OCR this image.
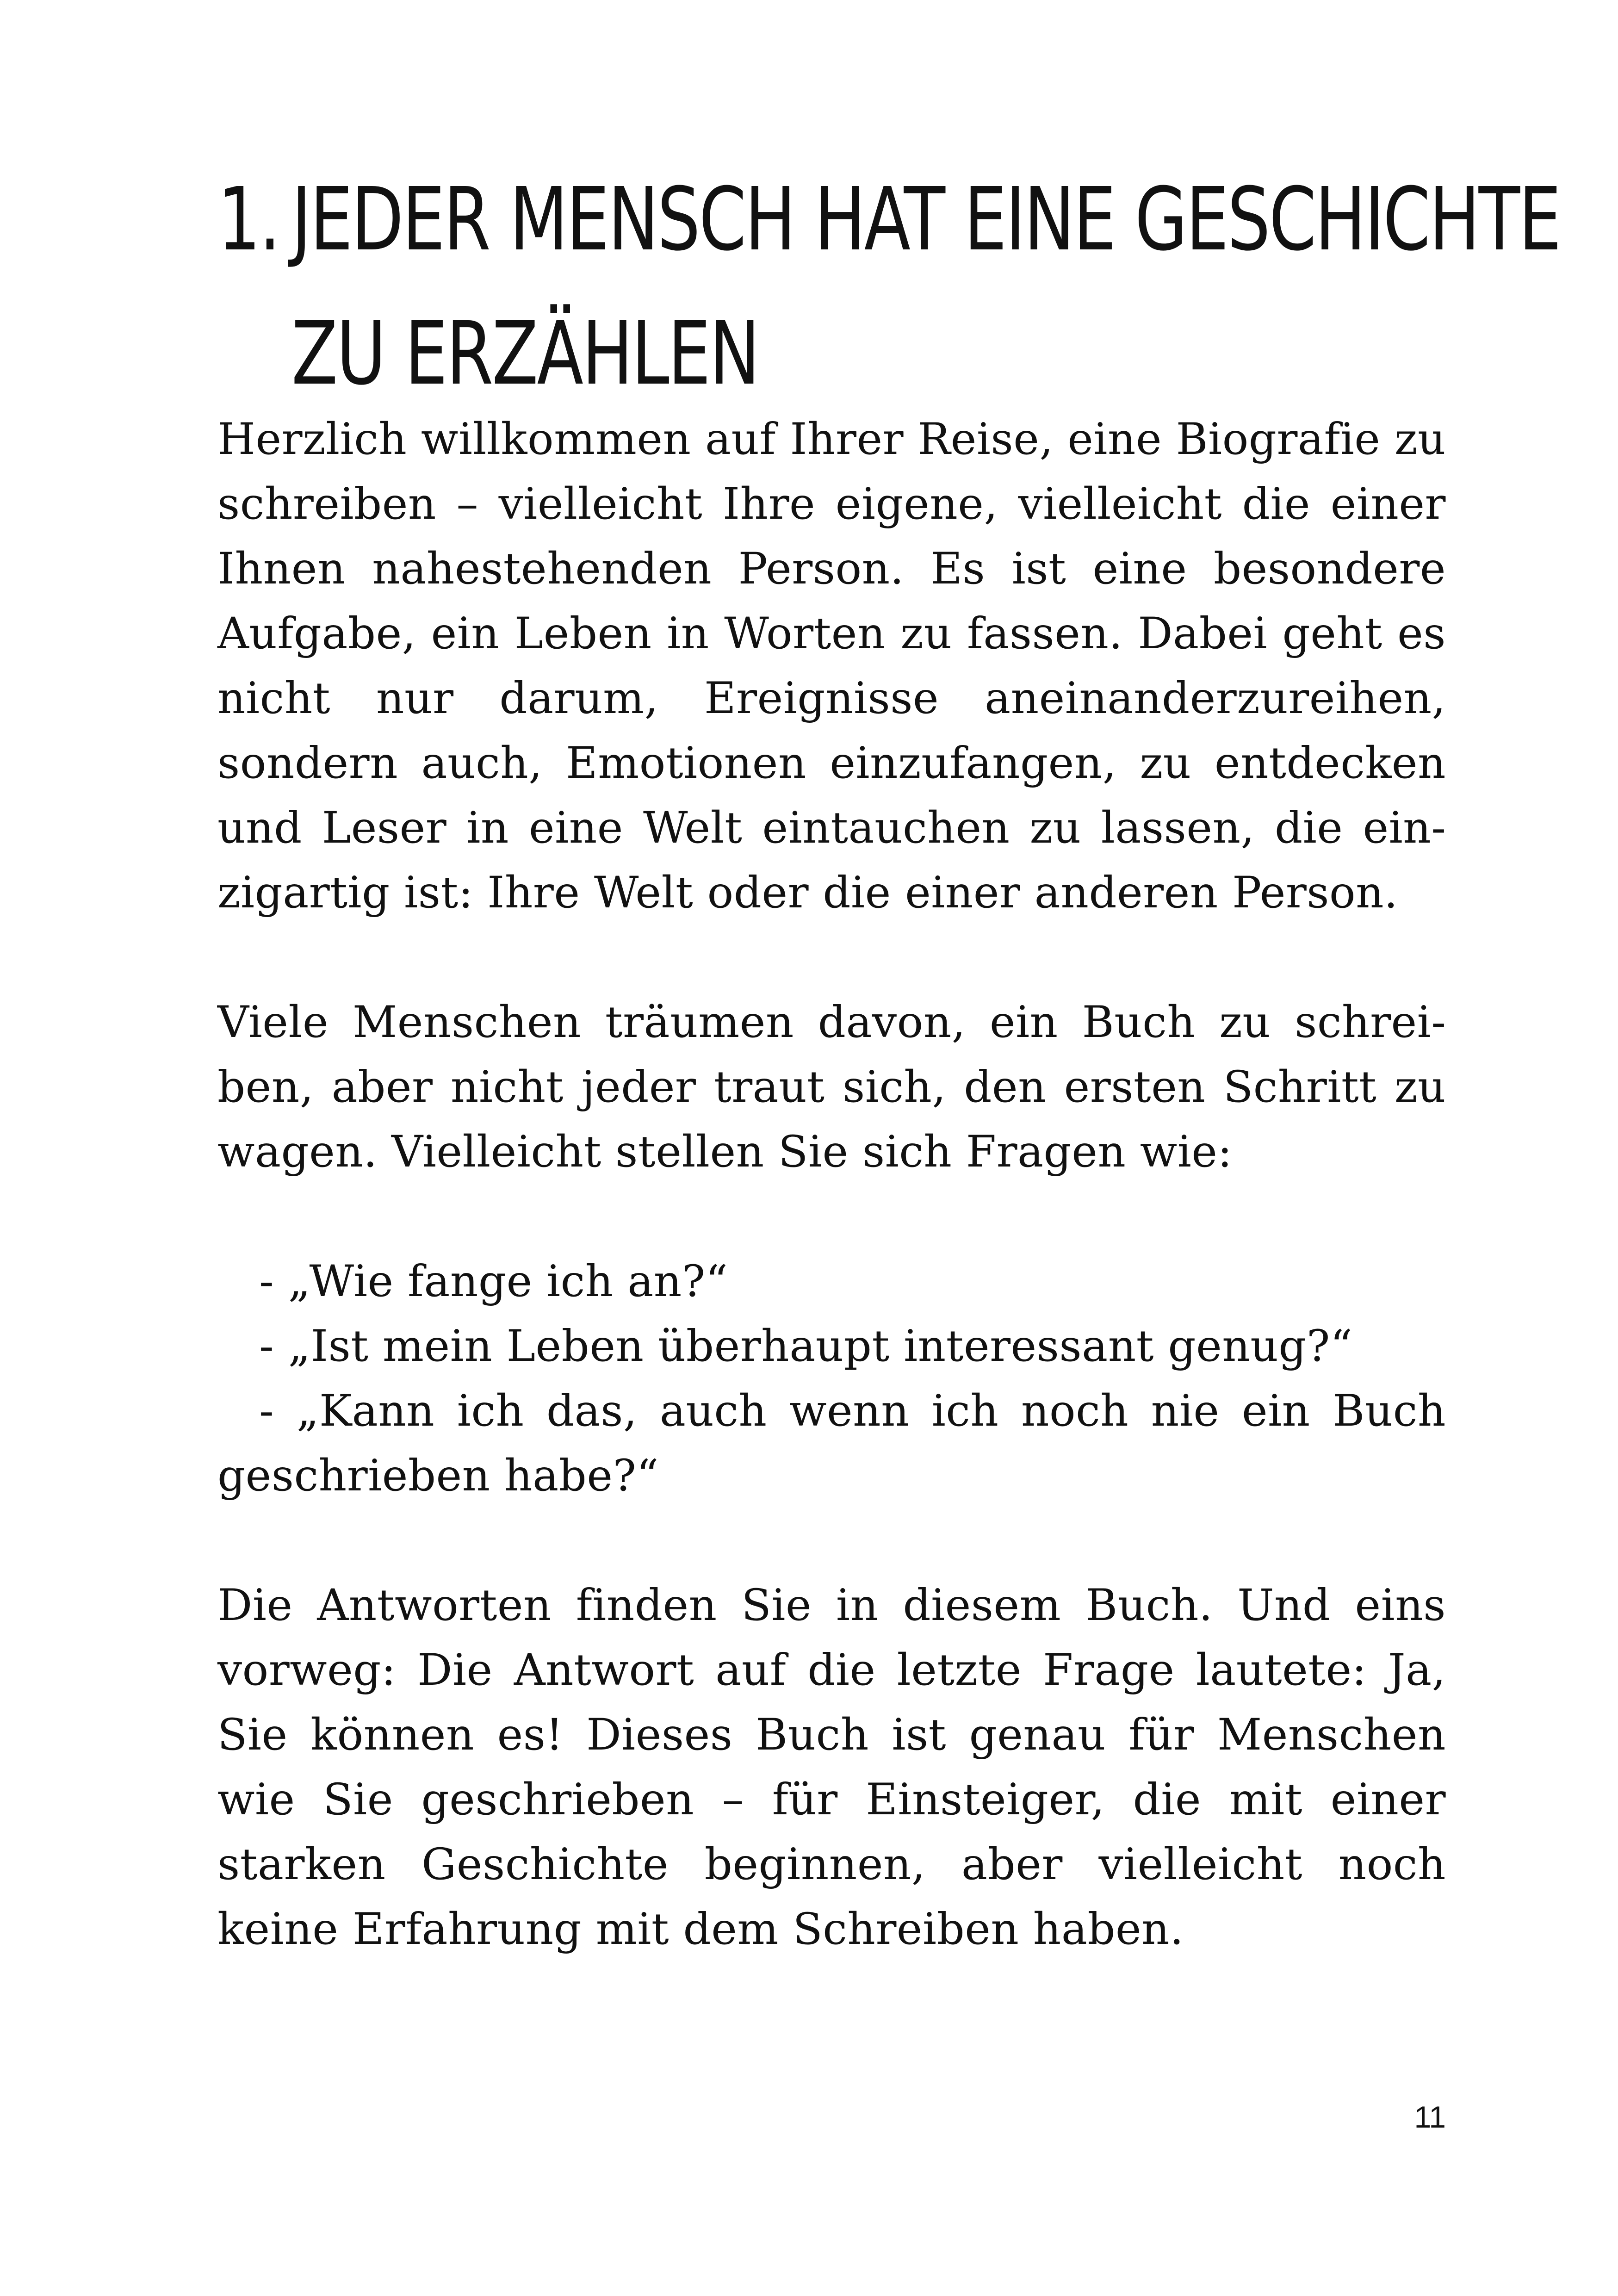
1. JEDER MENSCH HAT EINE GESCHICHTE
ZU ERZÄHLEN

Herzlich willkommen auf Ihrer Reise, eine Biografie zu schreiben – vielleicht Ihre eigene, vielleicht die einer Ihnen nahestehenden Person. Es ist eine besondere Aufgabe, ein Leben in Worten zu fassen. Dabei geht es nicht nur darum, Ereignisse aneinanderzureihen, sondern auch, Emotionen einzufangen, zu entdecken und Leser in eine Welt eintauchen zu lassen, die einzigartig ist: Ihre Welt oder die einer anderen Person.

Viele Menschen träumen davon, ein Buch zu schreiben, aber nicht jeder traut sich, den ersten Schritt zu wagen. Vielleicht stellen Sie sich Fragen wie:

- „Wie fange ich an?“
- „Ist mein Leben überhaupt interessant genug?“
- „Kann ich das, auch wenn ich noch nie ein Buch geschrieben habe?“

Die Antworten finden Sie in diesem Buch. Und eins vorweg: Die Antwort auf die letzte Frage lautete: Ja, Sie können es! Dieses Buch ist genau für Menschen wie Sie geschrieben – für Einsteiger, die mit einer starken Geschichte beginnen, aber vielleicht noch keine Erfahrung mit dem Schreiben haben.

11
